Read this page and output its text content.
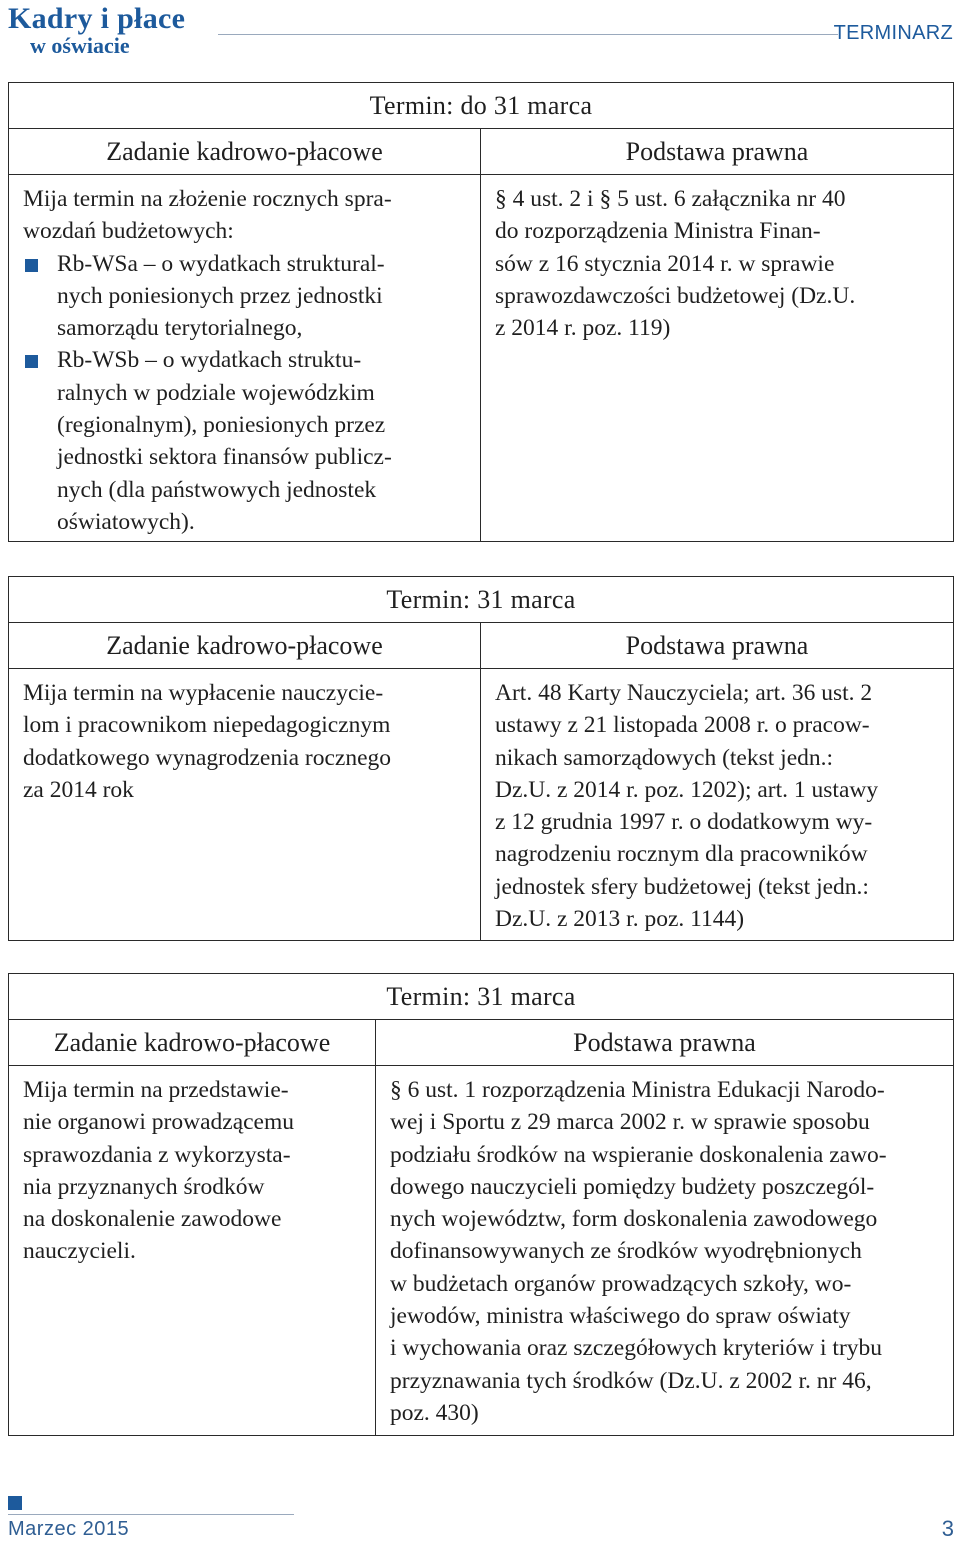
Kadry i płace
w oświacie	TERMINARZ
Termin: do 31 marca
Zadanie kadrowo-płacowe
Mija termin na złożenie rocznych spra-
wozdań budżetowych:
Rb-WSa – o wydatkach struktural-
nych poniesionych przez jednostki
samorządu terytorialnego,
Rb-WSb – o wydatkach struktu-
ralnych w podziale wojewódzkim
(regionalnym), poniesionych przez
jednostki sektora finansów publicz-
nych (dla państwowych jednostek
oświatowych).
Podstawa prawna
§ 4 ust. 2 i § 5 ust. 6 załącznika nr 40
do rozporządzenia Ministra Finan-
sów z 16 stycznia 2014 r. w sprawie
sprawozdawczości budżetowej (Dz.U.
z 2014 r. poz. 119)
Termin: 31 marca
Zadanie kadrowo-płacowe
Mija termin na wypłacenie nauczycie-
lom i pracownikom niepedagogicznym
dodatkowego wynagrodzenia rocznego
za 2014 rok
Podstawa prawna
Art. 48 Karty Nauczyciela; art. 36 ust. 2
ustawy z 21 listopada 2008 r. o pracow-
nikach samorządowych (tekst jedn.:
Dz.U. z 2014 r. poz. 1202); art. 1 ustawy
z 12 grudnia 1997 r. o dodatkowym wy-
nagrodzeniu rocznym dla pracowników
jednostek sfery budżetowej (tekst jedn.:
Dz.U. z 2013 r. poz. 1144)
Termin: 31 marca
Zadanie kadrowo-płacowe
Mija termin na przedstawie-
nie organowi prowadzącemu
sprawozdania z wykorzysta-
nia przyznanych środków
na doskonalenie zawodowe
nauczycieli.
Podstawa prawna
§ 6 ust. 1 rozporządzenia Ministra Edukacji Narodo-
wej i Sportu z 29 marca 2002 r. w sprawie sposobu
podziału środków na wspieranie doskonalenia zawo-
dowego nauczycieli pomiędzy budżety poszczegól-
nych województw, form doskonalenia zawodowego
dofinansowywanych ze środków wyodrębnionych
w budżetach organów prowadzących szkoły, wo-
jewodów, ministra właściwego do spraw oświaty
i wychowania oraz szczegółowych kryteriów i trybu
przyznawania tych środków (Dz.U. z 2002 r. nr 46,
poz. 430)
Marzec 2015	3
